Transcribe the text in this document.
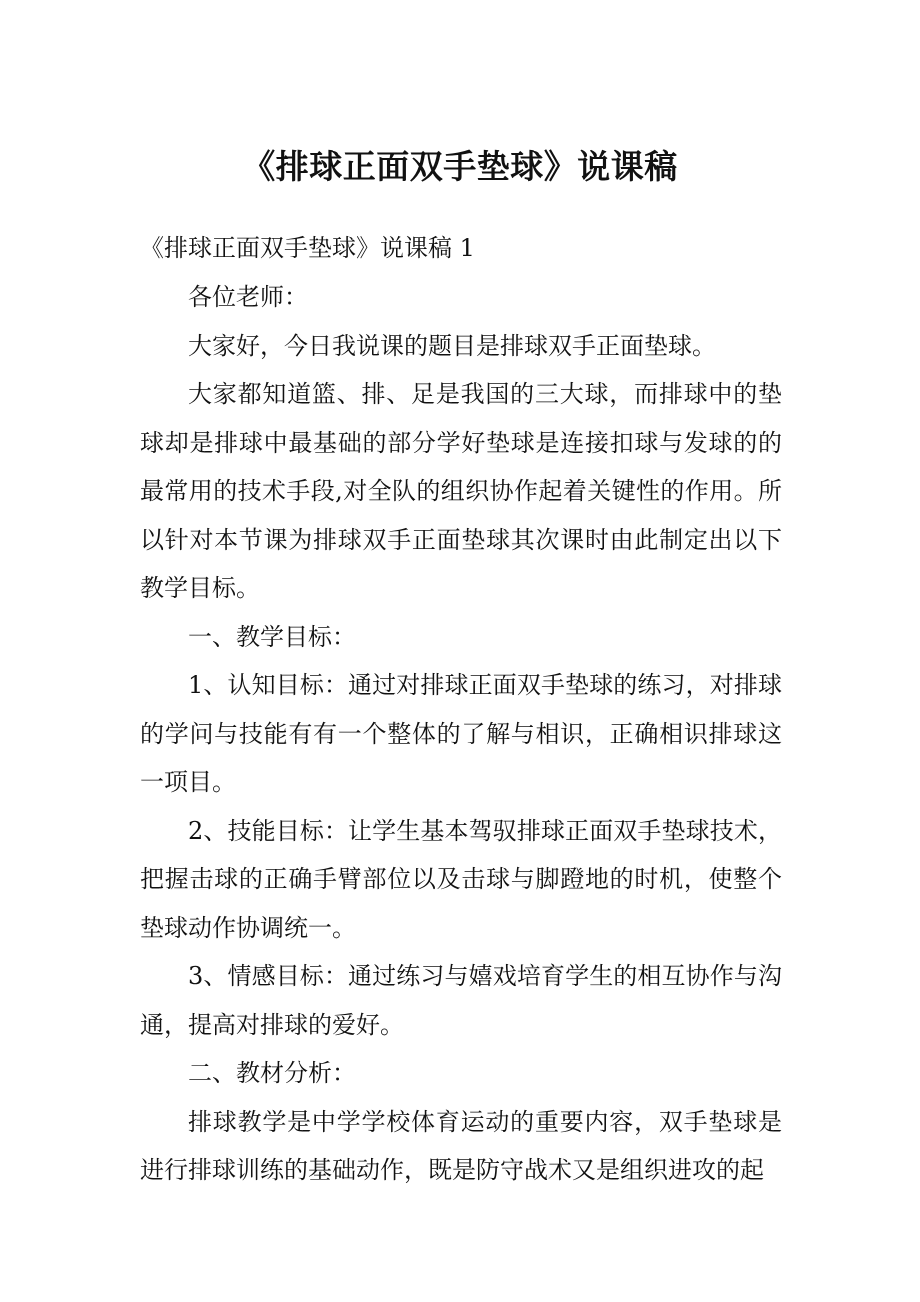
《排球正面双手垫球》说课稿
《排球正面双手垫球》说课稿 1

各位老师：

大家好，今日我说课的题目是排球双手正面垫球。

大家都知道篮、排、足是我国的三大球，而排球中的垫球却是排球中最基础的部分学好垫球是连接扣球与发球的的最常用的技术手段,对全队的组织协作起着关键性的作用。所以针对本节课为排球双手正面垫球其次课时由此制定出以下教学目标。

一、教学目标：

1、认知目标：通过对排球正面双手垫球的练习，对排球的学问与技能有有一个整体的了解与相识，正确相识排球这一项目。

2、技能目标：让学生基本驾驭排球正面双手垫球技术，把握击球的正确手臂部位以及击球与脚蹬地的时机，使整个垫球动作协调统一。

3、情感目标：通过练习与嬉戏培育学生的相互协作与沟通，提高对排球的爱好。

二、教材分析：

排球教学是中学学校体育运动的重要内容，双手垫球是进行排球训练的基础动作，既是防守战术又是组织进攻的起
